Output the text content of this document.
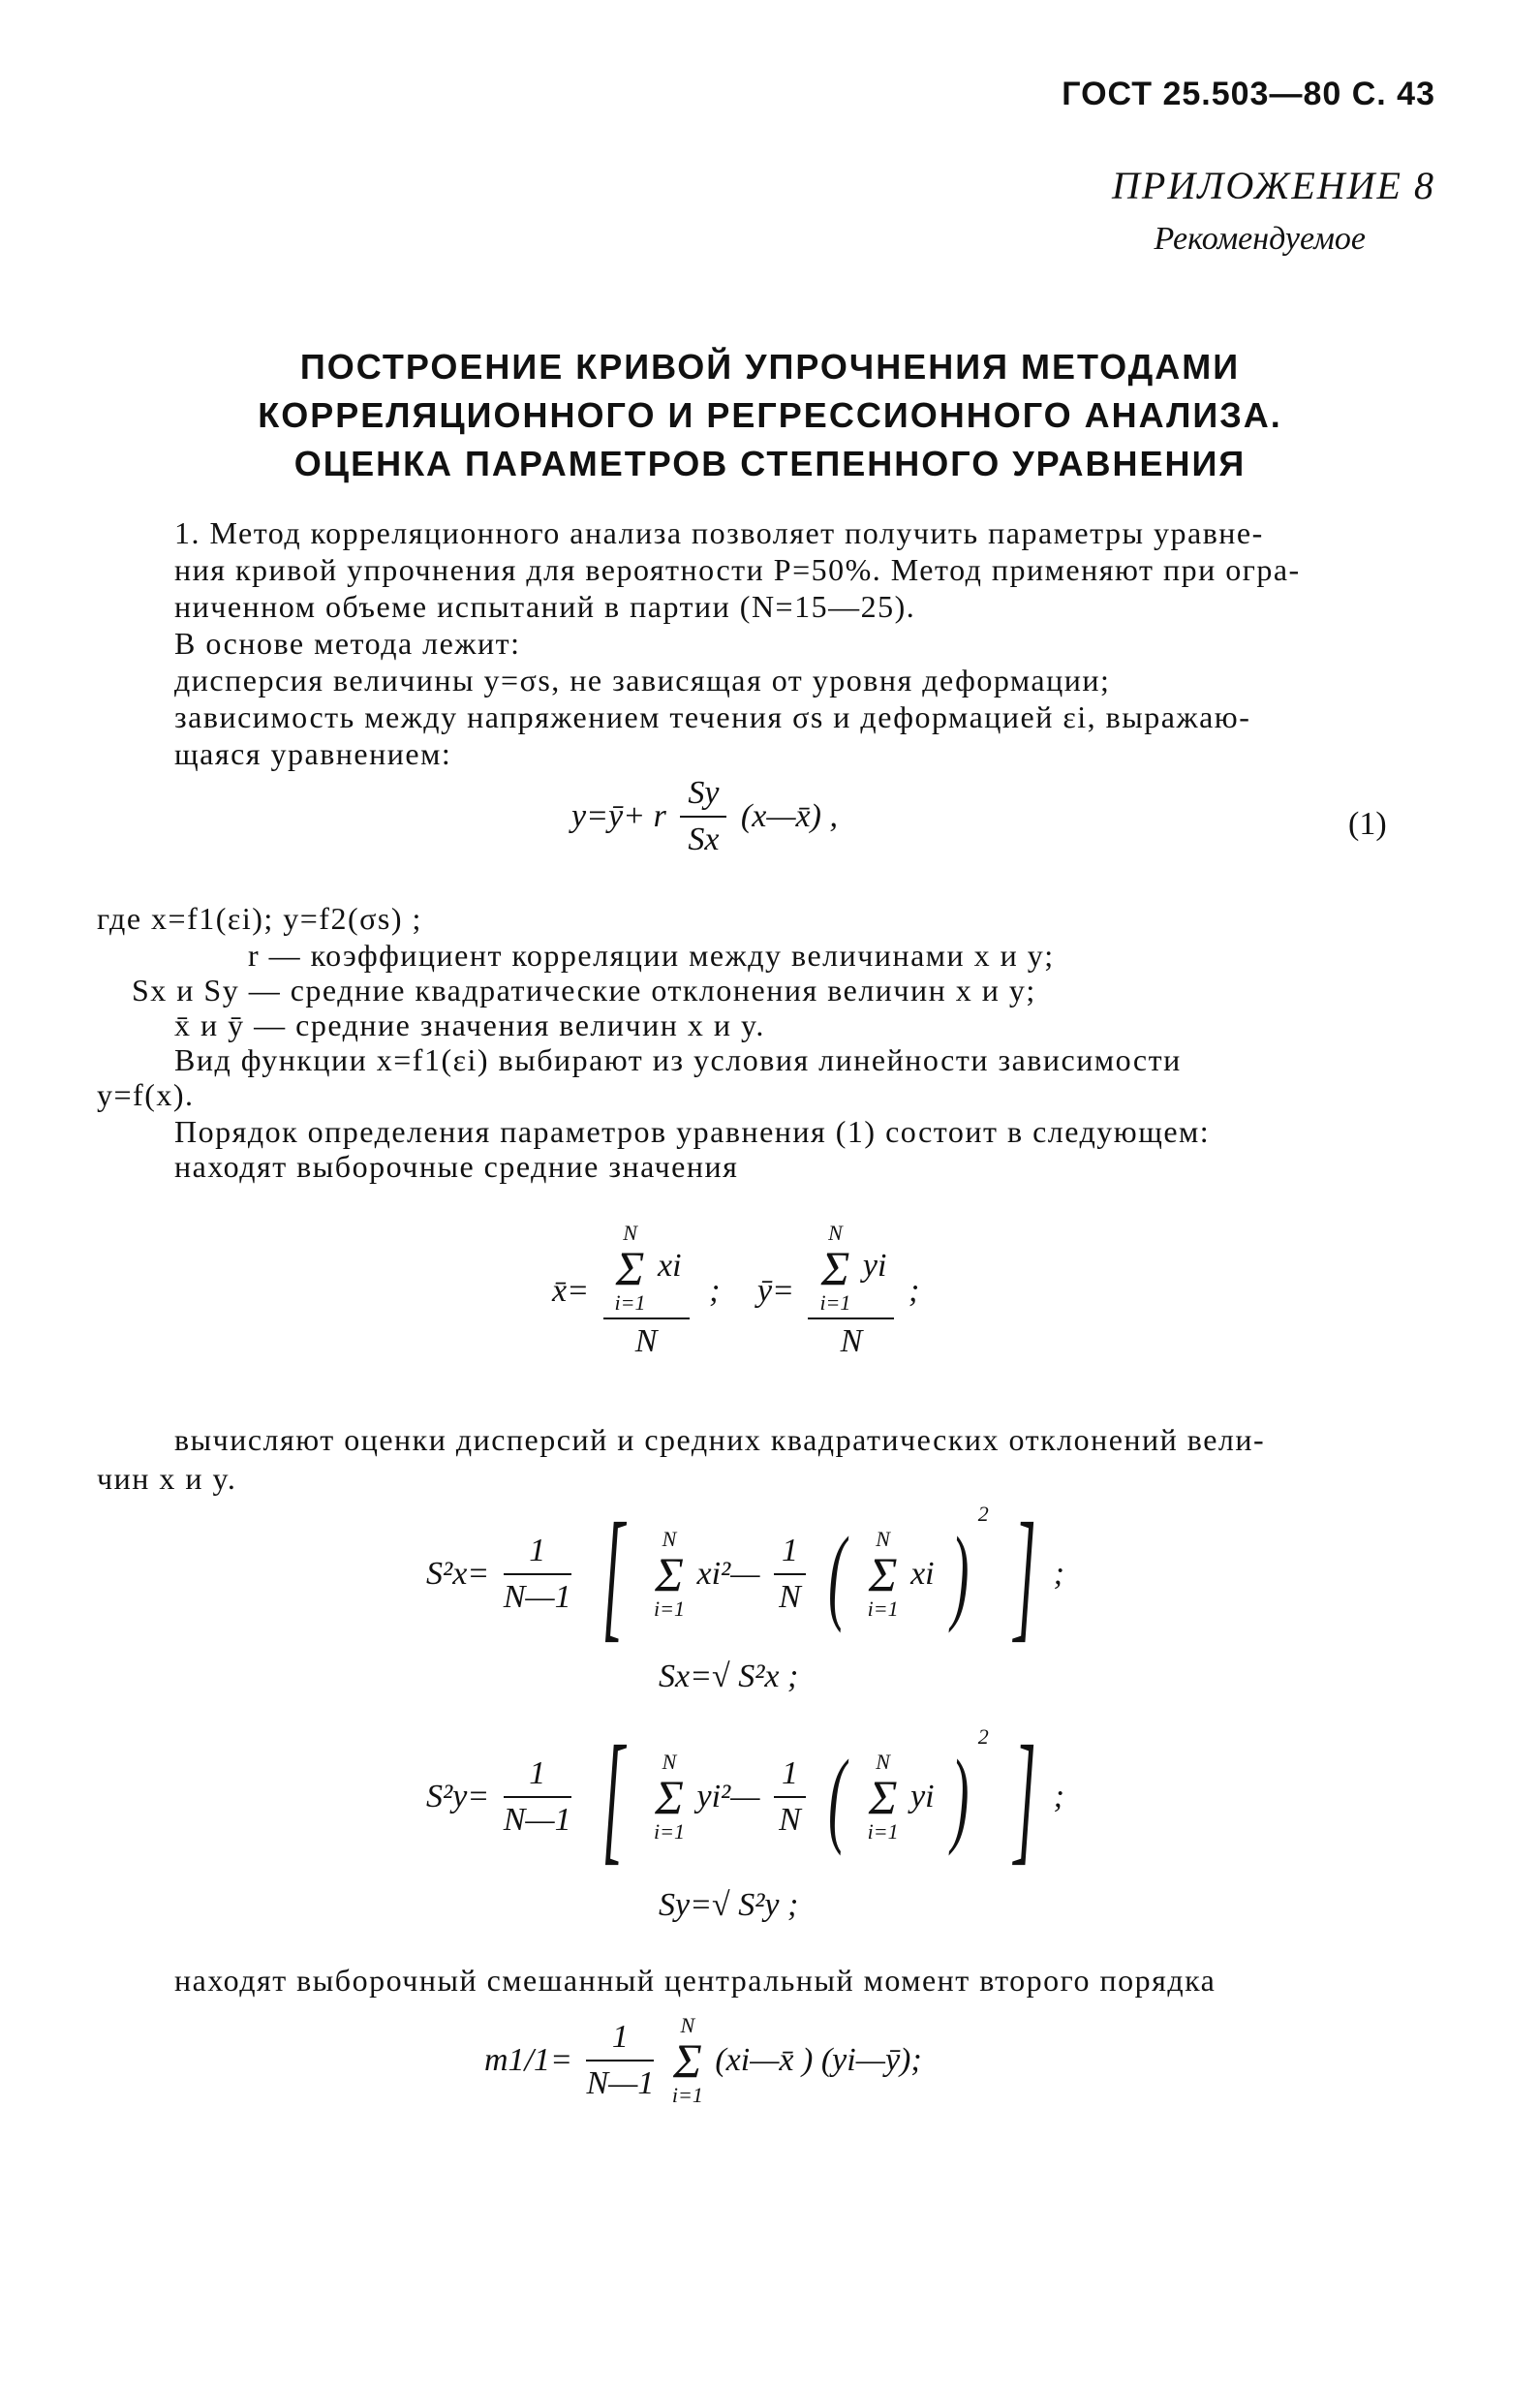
ГОСТ 25.503—80 С. 43
ПРИЛОЖЕНИЕ 8
Рекомендуемое
ПОСТРОЕНИЕ КРИВОЙ УПРОЧНЕНИЯ МЕТОДАМИ
КОРРЕЛЯЦИОННОГО И РЕГРЕССИОННОГО АНАЛИЗА.
ОЦЕНКА ПАРАМЕТРОВ СТЕПЕННОГО УРАВНЕНИЯ
1. Метод корреляционного анализа позволяет получить параметры уравне-
ния кривой упрочнения для вероятности P=50%. Метод применяют при огра-
ниченном объеме испытаний в партии (N=15—25).
В основе метода лежит:
дисперсия величины y=σs, не зависящая от уровня деформации;
зависимость между напряжением течения σs и деформацией εi, выражаю-
щаяся уравнением:
y=ȳ+ r $\frac{Sy}{Sx}$ (x—x̄) ,	(1)
где x=f1(εi); y=f2(σs) ;
r — коэффициент корреляции между величинами x и y;
Sx и Sy — средние квадратические отклонения величин x и y;
x̄ и ȳ — средние значения величин x и y.
Вид функции x=f1(εi) выбирают из условия линейности зависимости
y=f(x).
Порядок определения параметров уравнения (1) состоит в следующем:
находят выборочные средние значения
x̄= N
Σ
i=1
xi
N ; ȳ= N
Σ
i=1
yi
N ;
вычисляют оценки дисперсий и средних квадратических отклонений вели-
чин x и y.
$S^2x= \frac{1}{N—1}$ [	N
Σ
i=1
xi²— $\frac{1}{N}$ (	N
Σ
i=1
xi )$^2$ ] ;
Sx=√ S²x ;
$S^2y= \frac{1}{N—1}$ [	N
Σ
i=1
yi²— $\frac{1}{N}$ (	N
Σ
i=1
yi )$^2$ ] ;
Sy=√ S²y ;
находят выборочный смешанный центральный момент второго порядка
$m1/1= \frac{1}{N—1}$
	N
Σ
i=1
(xi—x̄ ) (yi—ȳ);
